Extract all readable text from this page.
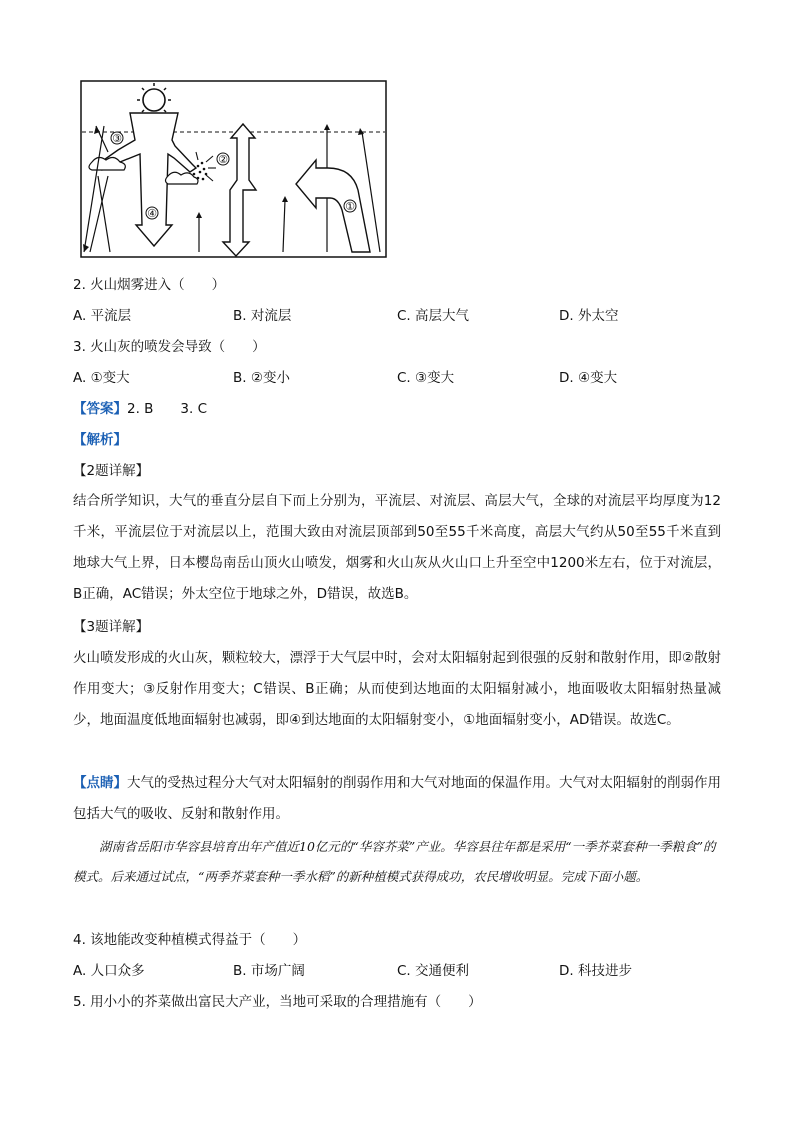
③
②
④
①
2. 火山烟雾进入（　　）
A. 平流层	B. 对流层	C. 高层大气	D. 外太空
3. 火山灰的喷发会导致（　　）
A. ①变大	B. ②变小	C. ③变大	D. ④变大
【答案】2. B　　3. C
【解析】
【2题详解】
结合所学知识，大气的垂直分层自下而上分别为，平流层、对流层、高层大气，全球的对流层平均厚度为12千米，平流层位于对流层以上，范围大致由对流层顶部到50至55千米高度，高层大气约从50至55千米直到地球大气上界，日本樱岛南岳山顶火山喷发，烟雾和火山灰从火山口上升至空中1200米左右，位于对流层，B正确，AC错误；外太空位于地球之外，D错误，故选B。
【3题详解】
火山喷发形成的火山灰，颗粒较大，漂浮于大气层中时，会对太阳辐射起到很强的反射和散射作用，即②散射作用变大；③反射作用变大；C错误、B正确；从而使到达地面的太阳辐射减小，地面吸收太阳辐射热量减少，地面温度低地面辐射也减弱，即④到达地面的太阳辐射变小，①地面辐射变小，AD错误。故选C。
【点睛】大气的受热过程分大气对太阳辐射的削弱作用和大气对地面的保温作用。大气对太阳辐射的削弱作用包括大气的吸收、反射和散射作用。
湖南省岳阳市华容县培育出年产值近10亿元的“华容芥菜”产业。华容县往年都是采用“一季芥菜套种一季粮食”的模式。后来通过试点，“两季芥菜套种一季水稻”的新种植模式获得成功，农民增收明显。完成下面小题。
4. 该地能改变种植模式得益于（　　）
A. 人口众多	B. 市场广阔	C. 交通便利	D. 科技进步
5. 用小小的芥菜做出富民大产业，当地可采取的合理措施有（　　）
